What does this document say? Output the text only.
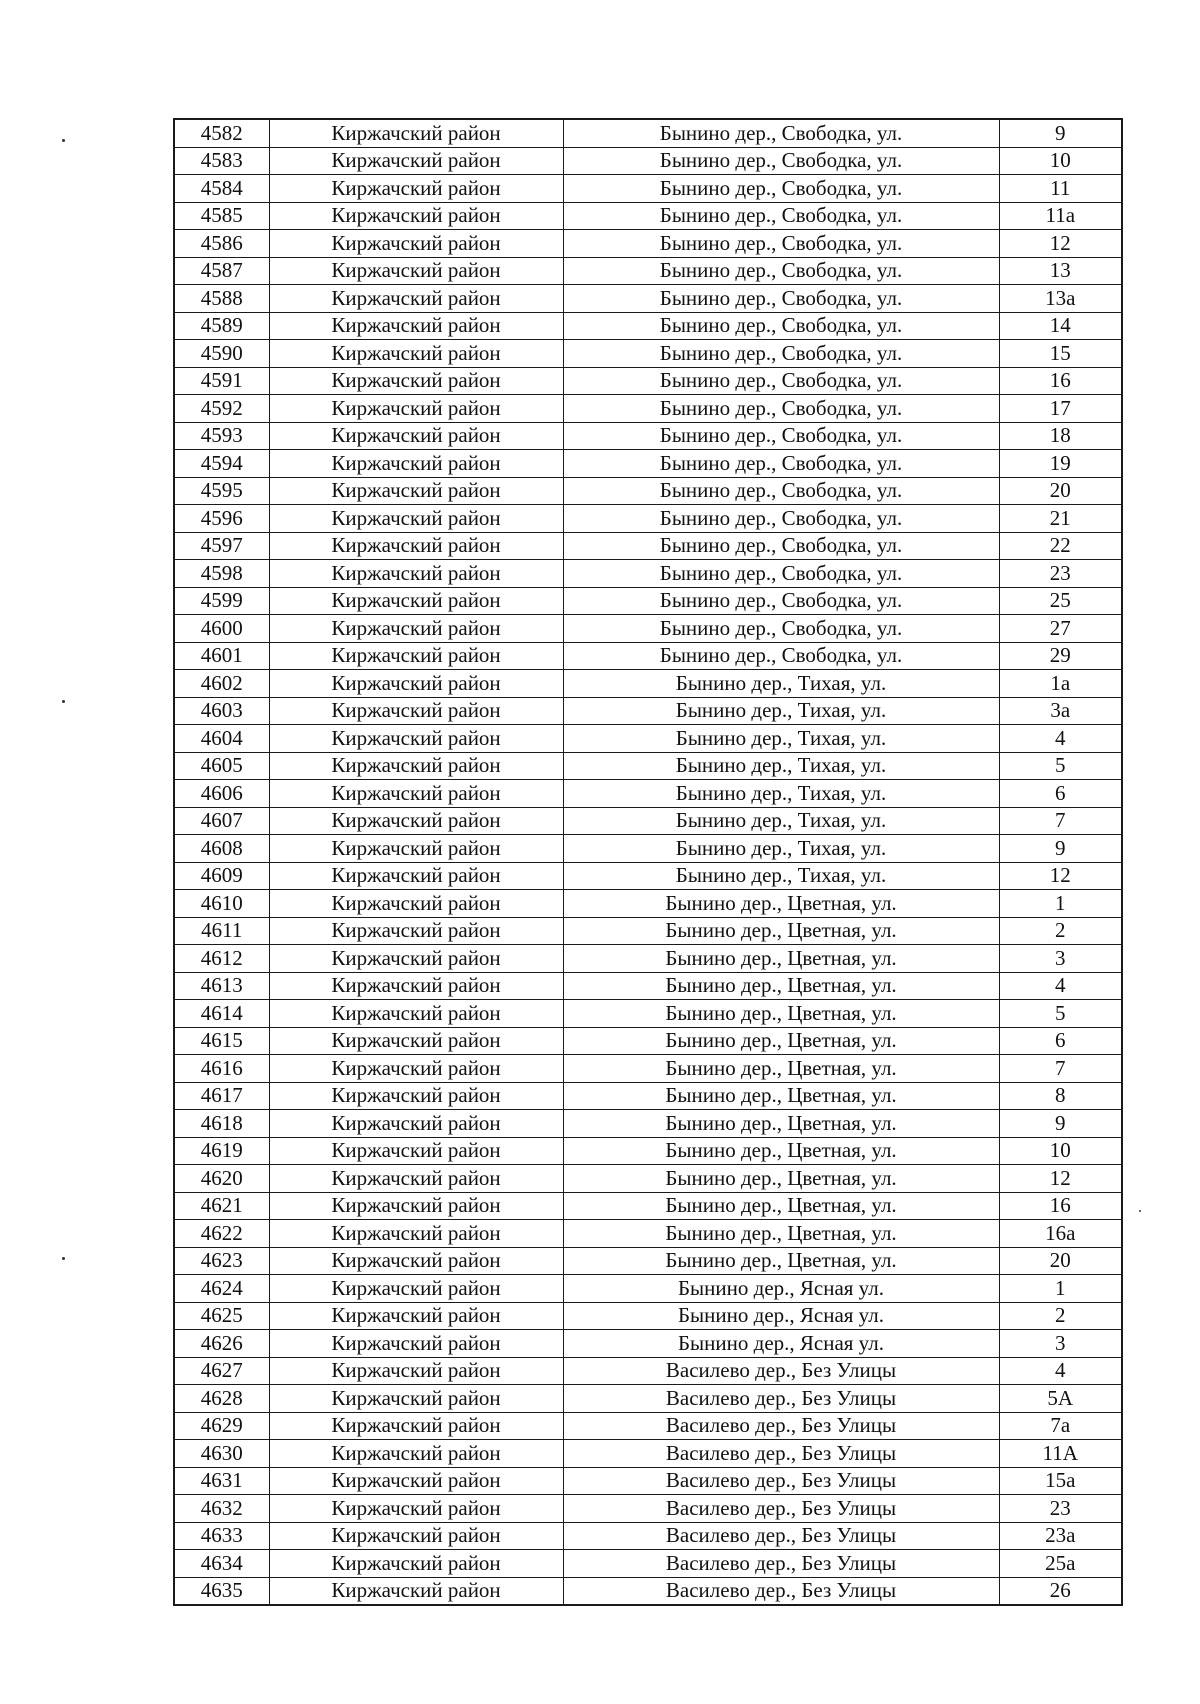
4582	Киржачский район	Бынино дер., Свободка, ул.	9
4583	Киржачский район	Бынино дер., Свободка, ул.	10
4584	Киржачский район	Бынино дер., Свободка, ул.	11
4585	Киржачский район	Бынино дер., Свободка, ул.	11а
4586	Киржачский район	Бынино дер., Свободка, ул.	12
4587	Киржачский район	Бынино дер., Свободка, ул.	13
4588	Киржачский район	Бынино дер., Свободка, ул.	13а
4589	Киржачский район	Бынино дер., Свободка, ул.	14
4590	Киржачский район	Бынино дер., Свободка, ул.	15
4591	Киржачский район	Бынино дер., Свободка, ул.	16
4592	Киржачский район	Бынино дер., Свободка, ул.	17
4593	Киржачский район	Бынино дер., Свободка, ул.	18
4594	Киржачский район	Бынино дер., Свободка, ул.	19
4595	Киржачский район	Бынино дер., Свободка, ул.	20
4596	Киржачский район	Бынино дер., Свободка, ул.	21
4597	Киржачский район	Бынино дер., Свободка, ул.	22
4598	Киржачский район	Бынино дер., Свободка, ул.	23
4599	Киржачский район	Бынино дер., Свободка, ул.	25
4600	Киржачский район	Бынино дер., Свободка, ул.	27
4601	Киржачский район	Бынино дер., Свободка, ул.	29
4602	Киржачский район	Бынино дер., Тихая, ул.	1а
4603	Киржачский район	Бынино дер., Тихая, ул.	3а
4604	Киржачский район	Бынино дер., Тихая, ул.	4
4605	Киржачский район	Бынино дер., Тихая, ул.	5
4606	Киржачский район	Бынино дер., Тихая, ул.	6
4607	Киржачский район	Бынино дер., Тихая, ул.	7
4608	Киржачский район	Бынино дер., Тихая, ул.	9
4609	Киржачский район	Бынино дер., Тихая, ул.	12
4610	Киржачский район	Бынино дер., Цветная, ул.	1
4611	Киржачский район	Бынино дер., Цветная, ул.	2
4612	Киржачский район	Бынино дер., Цветная, ул.	3
4613	Киржачский район	Бынино дер., Цветная, ул.	4
4614	Киржачский район	Бынино дер., Цветная, ул.	5
4615	Киржачский район	Бынино дер., Цветная, ул.	6
4616	Киржачский район	Бынино дер., Цветная, ул.	7
4617	Киржачский район	Бынино дер., Цветная, ул.	8
4618	Киржачский район	Бынино дер., Цветная, ул.	9
4619	Киржачский район	Бынино дер., Цветная, ул.	10
4620	Киржачский район	Бынино дер., Цветная, ул.	12
4621	Киржачский район	Бынино дер., Цветная, ул.	16
4622	Киржачский район	Бынино дер., Цветная, ул.	16а
4623	Киржачский район	Бынино дер., Цветная, ул.	20
4624	Киржачский район	Бынино дер., Ясная ул.	1
4625	Киржачский район	Бынино дер., Ясная ул.	2
4626	Киржачский район	Бынино дер., Ясная ул.	3
4627	Киржачский район	Василево дер., Без Улицы	4
4628	Киржачский район	Василево дер., Без Улицы	5А
4629	Киржачский район	Василево дер., Без Улицы	7а
4630	Киржачский район	Василево дер., Без Улицы	11А
4631	Киржачский район	Василево дер., Без Улицы	15а
4632	Киржачский район	Василево дер., Без Улицы	23
4633	Киржачский район	Василево дер., Без Улицы	23а
4634	Киржачский район	Василево дер., Без Улицы	25а
4635	Киржачский район	Василево дер., Без Улицы	26
